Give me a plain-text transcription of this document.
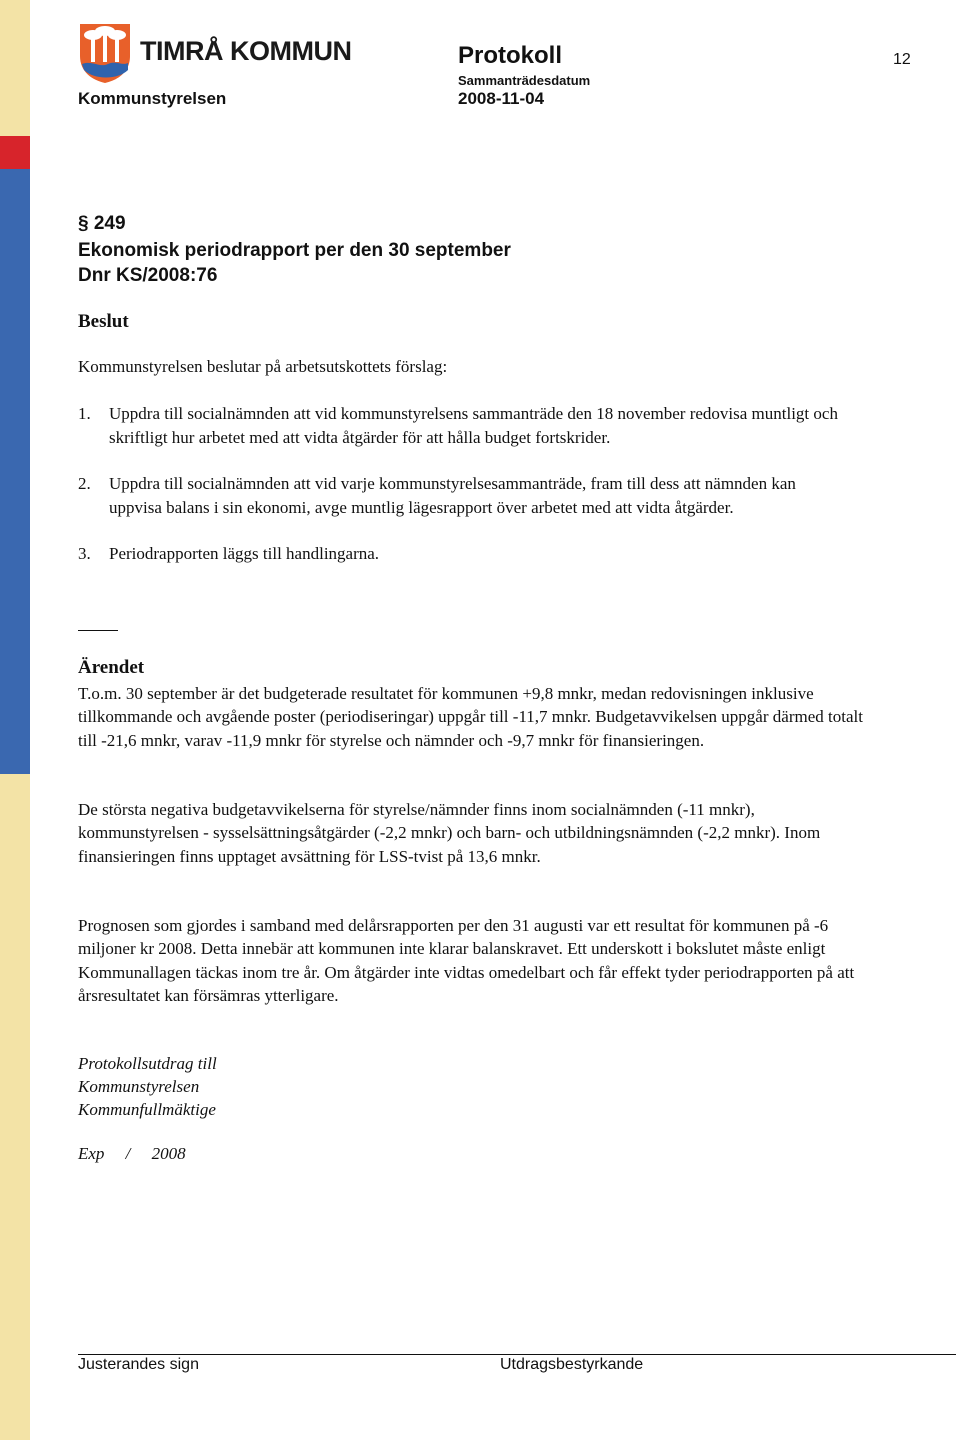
TIMRÅ KOMMUN	Protokoll	12
Kommunstyrelsen
Sammanträdesdatum
2008-11-04
§ 249
Ekonomisk periodrapport per den 30 september
Dnr KS/2008:76
Beslut
Kommunstyrelsen beslutar på arbetsutskottets förslag:
1. Uppdra till socialnämnden att vid kommunstyrelsens sammanträde den 18 november redovisa muntligt och skriftligt hur arbetet med att vidta åtgärder för att hålla budget fortskrider.
2. Uppdra till socialnämnden att vid varje kommunstyrelsesammanträde, fram till dess att nämnden kan uppvisa balans i sin ekonomi, avge muntlig lägesrapport över arbetet med att vidta åtgärder.
3. Periodrapporten läggs till handlingarna.
Ärendet

T.o.m. 30 september är det budgeterade resultatet för kommunen +9,8 mnkr, medan redovisningen inklusive tillkommande och avgående poster (periodiseringar) uppgår till -11,7 mnkr. Budgetavvikelsen uppgår därmed totalt till -21,6 mnkr, varav -11,9 mnkr för styrelse och nämnder och -9,7 mnkr för finansieringen.

De största negativa budgetavvikelserna för styrelse/nämnder finns inom socialnämnden (-11 mnkr), kommunstyrelsen - sysselsättningsåtgärder (-2,2 mnkr) och barn- och utbildningsnämnden (-2,2 mnkr). Inom finansieringen finns upptaget avsättning för LSS-tvist på 13,6 mnkr.

Prognosen som gjordes i samband med delårsrapporten per den 31 augusti var ett resultat för kommunen på -6 miljoner kr 2008. Detta innebär att kommunen inte klarar balanskravet. Ett underskott i bokslutet måste enligt Kommunallagen täckas inom tre år. Om åtgärder inte vidtas omedelbart och får effekt tyder periodrapporten på att årsresultatet kan försämras ytterligare.

Protokollsutdrag till
Kommunstyrelsen
Kommunfullmäktige
Exp     /     2008
Justerandes sign	Utdragsbestyrkande
